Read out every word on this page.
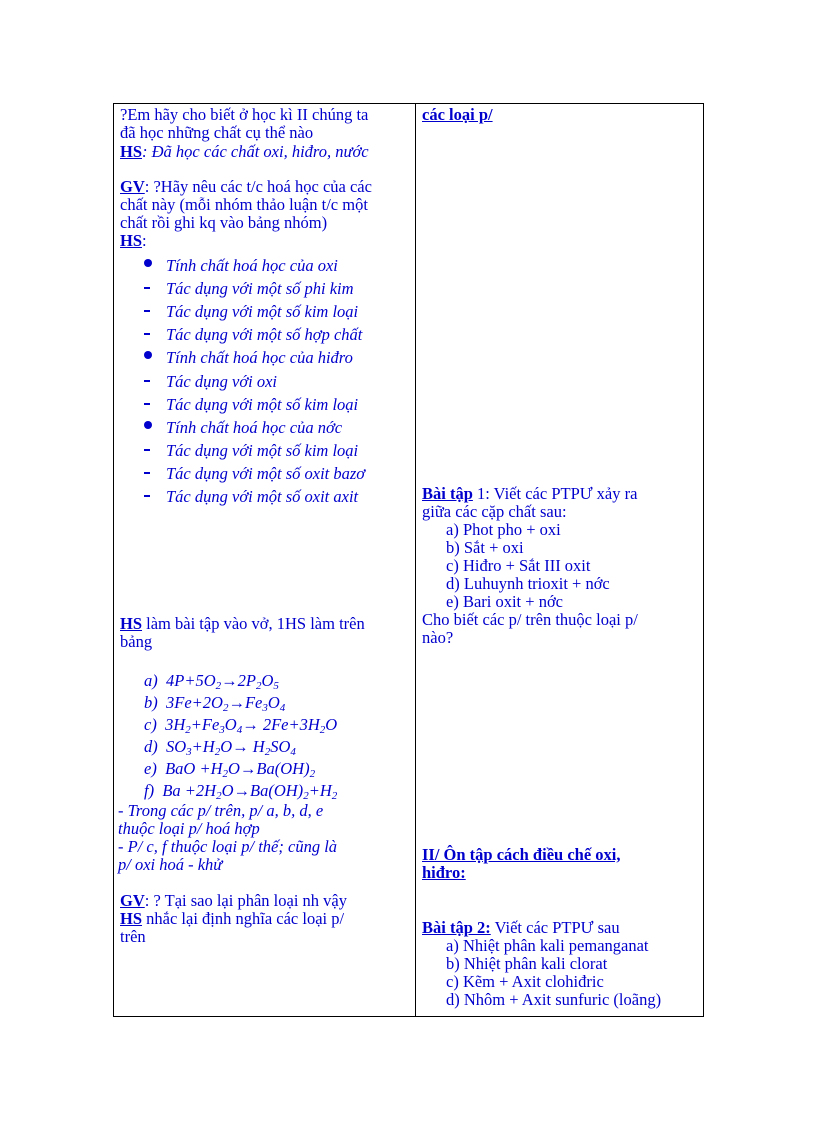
?Em hãy cho biết ở học kì II chúng ta
đã học những chất cụ thể nào
HS: Đã học các chất oxi, hiđro, nước
GV: ?Hãy nêu các t/c hoá học của các
chất này (mỗi nhóm thảo luận t/c một
chất rồi ghi kq vào bảng nhóm)
HS:
Tính chất hoá học của oxi
Tác dụng với một số phi kim
Tác dụng với một số kim loại
Tác dụng với một số hợp chất
Tính chất hoá học của hiđro
Tác dụng với oxi
Tác dụng với một số kim loại
Tính chất hoá học của nớc
Tác dụng với một số kim loại
Tác dụng với một số oxit bazơ
Tác dụng với một số oxit axit
HS làm bài tập vào vở, 1HS làm trên
bảng
a)  $4P+5O_2\to 2P_2O_5$
b)  $3Fe+2O_2\to Fe_3O_4$
c)  $3H_2+Fe_3O_4\to 2Fe+3H_2O$
d)  $SO_3+H_2O\to H_2SO_4$
e)  BaO $+H_2O\to Ba(OH)_2$
f)  $Ba +2H_2O\to Ba(OH)_2+H_2$
- Trong các p/ trên, p/ a, b, d, e
thuộc loại p/ hoá hợp
- P/ c, f thuộc loại p/ thế; cũng là
p/ oxi hoá - khử
GV: ? Tại sao lại phân loại nh vậy
HS nhắc lại định nghĩa các loại p/
trên
các loại p/
Bài tập 1: Viết các PTPƯ xảy ra
giữa các cặp chất sau:
a) Phot pho + oxi
b) Sắt + oxi
c) Hiđro + Sắt III oxit
d) Luhuynh trioxit + nớc
e) Bari oxit + nớc
Cho biết các p/ trên thuộc loại p/
nào?
II/ Ôn tập cách điều chế oxi,
hiđro:
Bài tập 2: Viết các PTPƯ sau
a) Nhiệt phân kali pemanganat
b) Nhiệt phân kali clorat
c) Kẽm + Axit clohiđric
d) Nhôm + Axit sunfuric (loãng)
